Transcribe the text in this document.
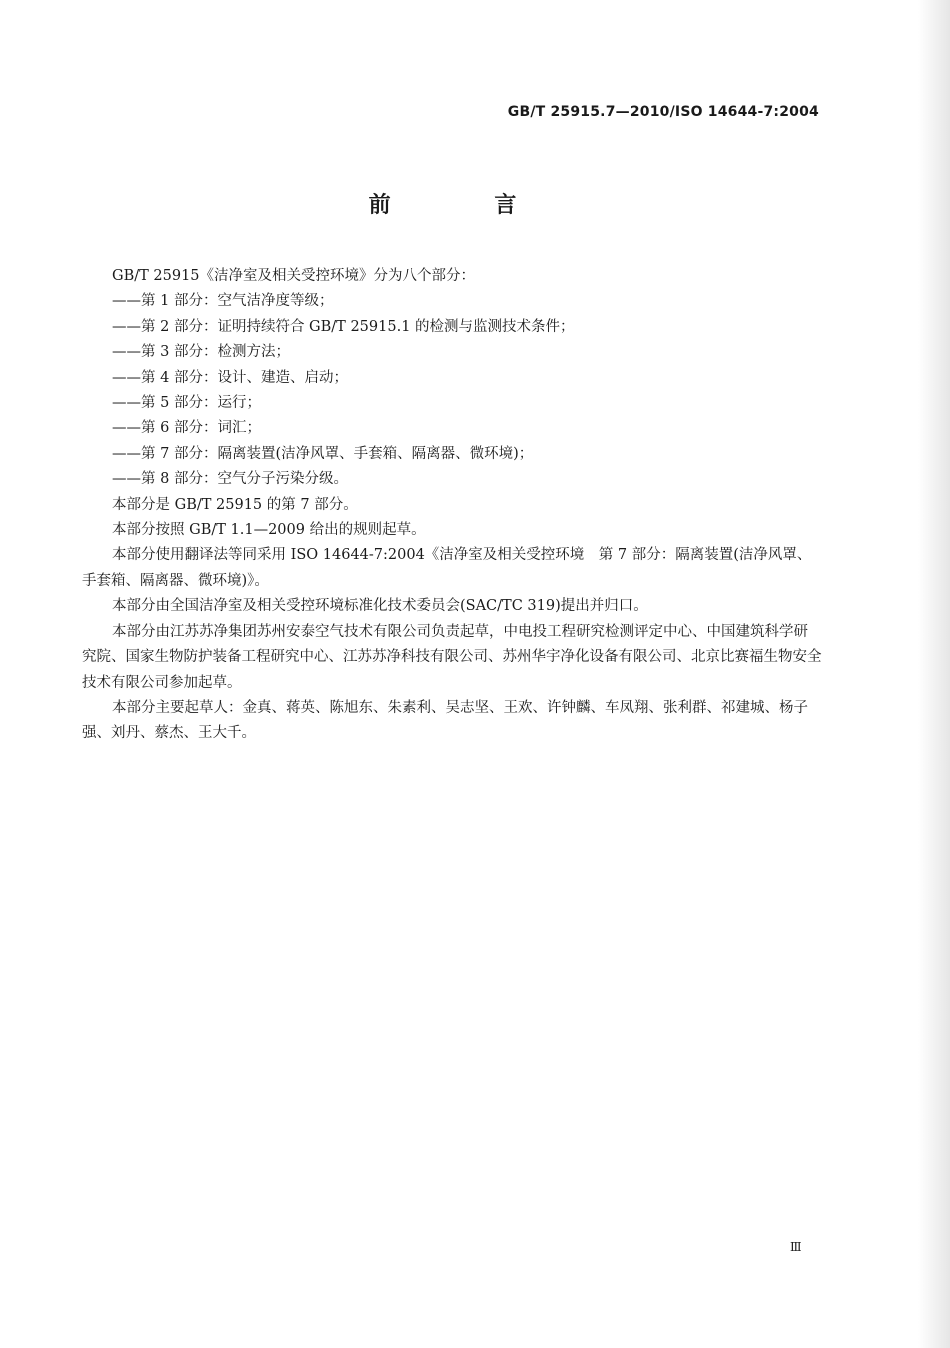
GB/T 25915.7—2010/ISO 14644-7:2004
前 言

GB/T 25915《洁净室及相关受控环境》分为八个部分：

——第 1 部分：空气洁净度等级；

——第 2 部分：证明持续符合 GB/T 25915.1 的检测与监测技术条件；

——第 3 部分：检测方法；

——第 4 部分：设计、建造、启动；

——第 5 部分：运行；

——第 6 部分：词汇；

——第 7 部分：隔离装置(洁净风罩、手套箱、隔离器、微环境)；

——第 8 部分：空气分子污染分级。

本部分是 GB/T 25915 的第 7 部分。

本部分按照 GB/T 1.1—2009 给出的规则起草。

本部分使用翻译法等同采用 ISO 14644-7:2004《洁净室及相关受控环境　第 7 部分：隔离装置(洁净风罩、手套箱、隔离器、微环境)》。

本部分由全国洁净室及相关受控环境标准化技术委员会(SAC/TC 319)提出并归口。

本部分由江苏苏净集团苏州安泰空气技术有限公司负责起草，中电投工程研究检测评定中心、中国建筑科学研究院、国家生物防护装备工程研究中心、江苏苏净科技有限公司、苏州华宇净化设备有限公司、北京比赛福生物安全技术有限公司参加起草。

本部分主要起草人：金真、蒋英、陈旭东、朱素利、吴志坚、王欢、许钟麟、车凤翔、张利群、祁建城、杨子强、刘丹、蔡杰、王大千。

Ⅲ
